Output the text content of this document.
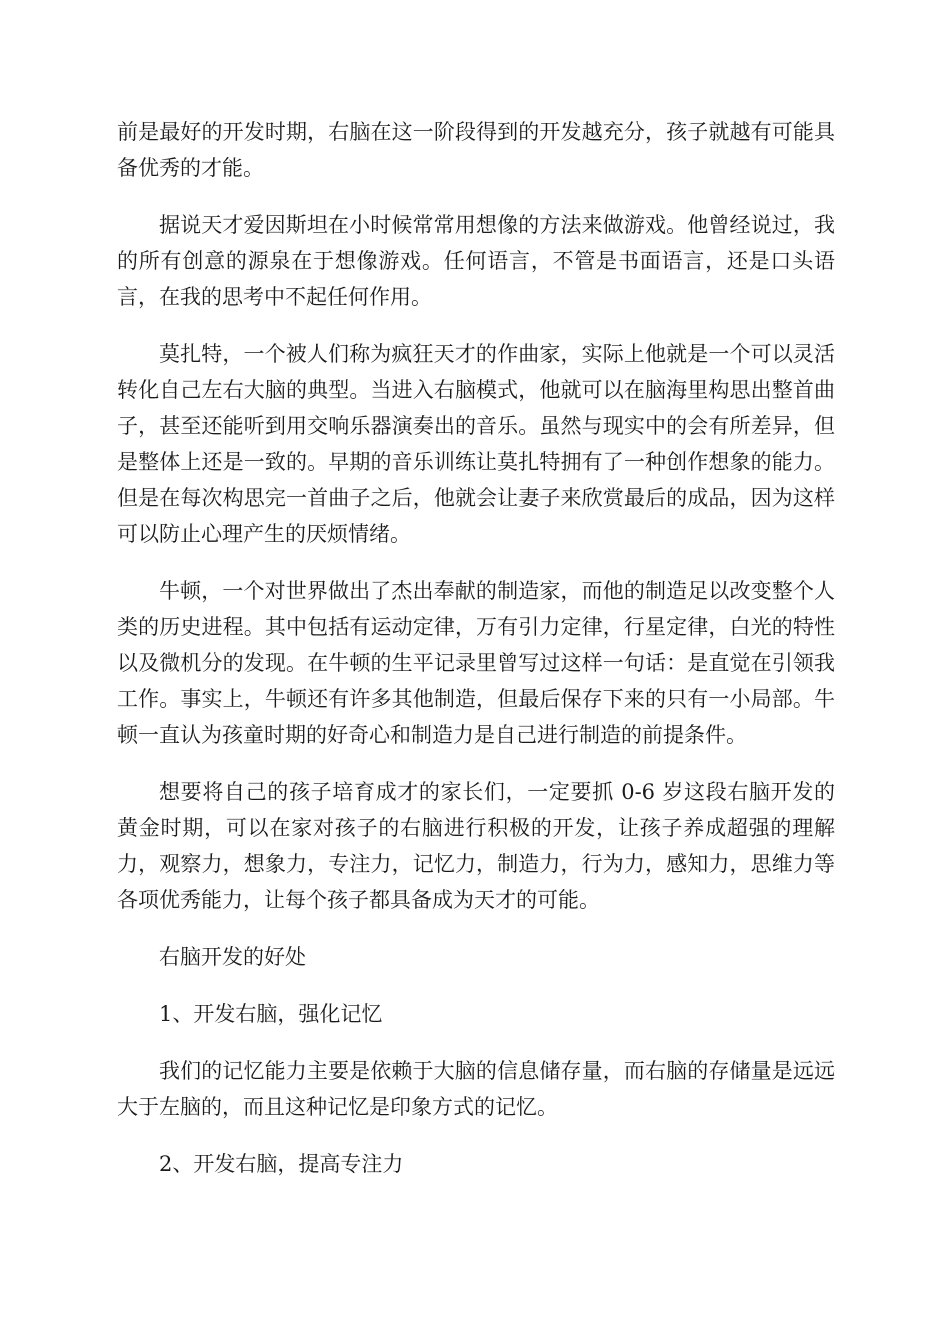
前是最好的开发时期，右脑在这一阶段得到的开发越充分，孩子就越有可能具备优秀的才能。

据说天才爱因斯坦在小时候常常用想像的方法来做游戏。他曾经说过，我的所有创意的源泉在于想像游戏。任何语言，不管是书面语言，还是口头语言，在我的思考中不起任何作用。

莫扎特，一个被人们称为疯狂天才的作曲家，实际上他就是一个可以灵活转化自己左右大脑的典型。当进入右脑模式，他就可以在脑海里构思出整首曲子，甚至还能听到用交响乐器演奏出的音乐。虽然与现实中的会有所差异，但是整体上还是一致的。早期的音乐训练让莫扎特拥有了一种创作想象的能力。但是在每次构思完一首曲子之后，他就会让妻子来欣赏最后的成品，因为这样可以防止心理产生的厌烦情绪。

牛顿，一个对世界做出了杰出奉献的制造家，而他的制造足以改变整个人类的历史进程。其中包括有运动定律，万有引力定律，行星定律，白光的特性以及微机分的发现。在牛顿的生平记录里曾写过这样一句话：是直觉在引领我工作。事实上，牛顿还有许多其他制造，但最后保存下来的只有一小局部。牛顿一直认为孩童时期的好奇心和制造力是自己进行制造的前提条件。

想要将自己的孩子培育成才的家长们，一定要抓 0-6 岁这段右脑开发的黄金时期，可以在家对孩子的右脑进行积极的开发，让孩子养成超强的理解力，观察力，想象力，专注力，记忆力，制造力，行为力，感知力，思维力等各项优秀能力，让每个孩子都具备成为天才的可能。

右脑开发的好处

1、开发右脑，强化记忆

我们的记忆能力主要是依赖于大脑的信息储存量，而右脑的存储量是远远大于左脑的，而且这种记忆是印象方式的记忆。

2、开发右脑，提高专注力
